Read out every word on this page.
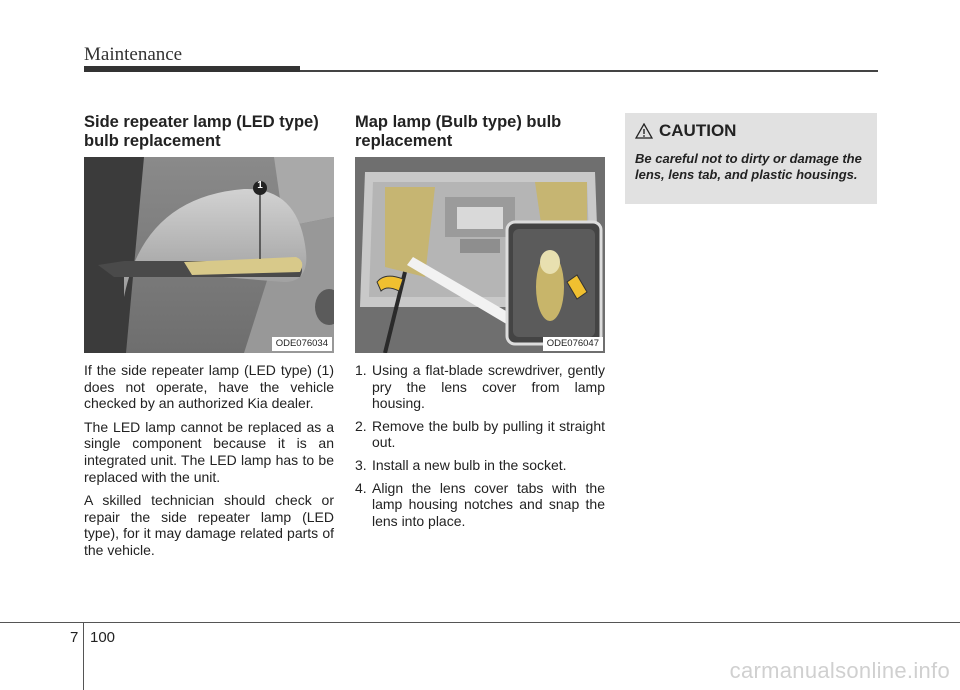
Maintenance
Side repeater lamp (LED type)
bulb replacement
1
ODE076034

If the side repeater lamp (LED type) (1) does not operate, have the vehicle checked by an authorized Kia dealer.

The LED lamp cannot be replaced as a single component because it is an integrated unit. The LED lamp has to be replaced with the unit.

A skilled technician should check or repair the side repeater lamp (LED type), for it may damage related parts of the vehicle.

Map lamp (Bulb type) bulb
replacement
ODE076047
1. Using a flat-blade screwdriver, gently pry the lens cover from lamp housing.
2. Remove the bulb by pulling it straight out.
3. Install a new bulb in the socket.
4. Align the lens cover tabs with the lamp housing notches and snap the lens into place.
CAUTION
Be careful not to dirty or damage the lens, lens tab, and plastic housings.
7 100
carmanualsonline.info
